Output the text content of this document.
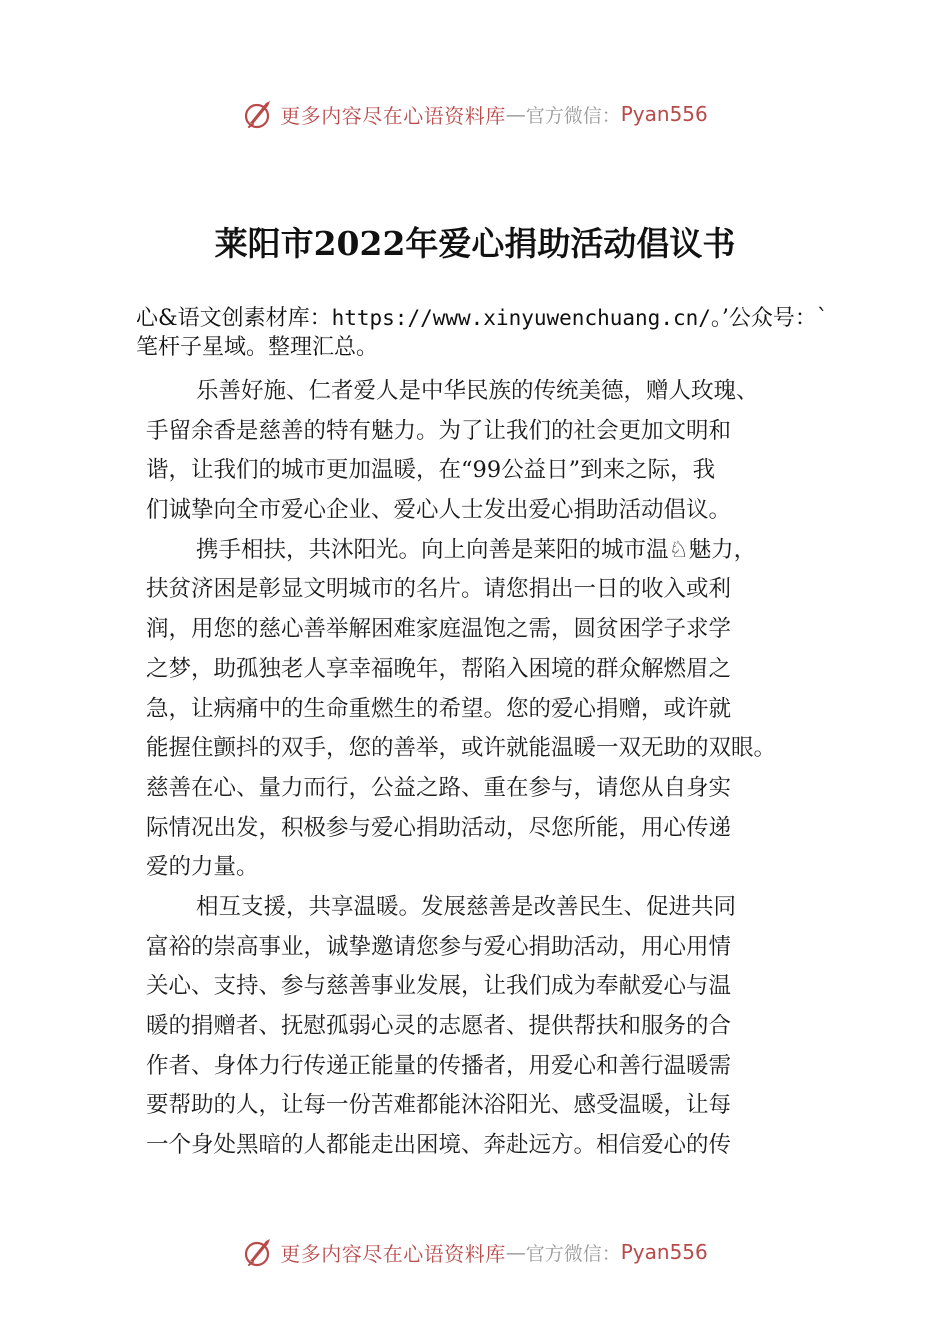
更多内容尽在心语资料库 — 官方微信： Pyan556
莱阳市2022年爱心捐助活动倡议书

心&语文创素材库：https://www.xinyuwenchuang.cn/。’公众号：`笔杆子星域。整理汇总。

乐善好施、仁者爱人是中华民族的传统美德，赠人玫瑰、
手留余香是慈善的特有魅力。为了让我们的社会更加文明和
谐，让我们的城市更加温暖，在“99公益日”到来之际，我
们诚挚向全市爱心企业、爱心人士发出爱心捐助活动倡议。
携手相扶，共沐阳光。向上向善是莱阳的城市温♘魅力，
扶贫济困是彰显文明城市的名片。请您捐出一日的收入或利
润，用您的慈心善举解困难家庭温饱之需，圆贫困学子求学
之梦，助孤独老人享幸福晚年，帮陷入困境的群众解燃眉之
急，让病痛中的生命重燃生的希望。您的爱心捐赠，或许就
能握住颤抖的双手，您的善举，或许就能温暖一双无助的双眼。
慈善在心、量力而行，公益之路、重在参与，请您从自身实
际情况出发，积极参与爱心捐助活动，尽您所能，用心传递
爱的力量。
相互支援，共享温暖。发展慈善是改善民生、促进共同
富裕的崇高事业，诚挚邀请您参与爱心捐助活动，用心用情
关心、支持、参与慈善事业发展，让我们成为奉献爱心与温
暖的捐赠者、抚慰孤弱心灵的志愿者、提供帮扶和服务的合
作者、身体力行传递正能量的传播者，用爱心和善行温暖需
要帮助的人，让每一份苦难都能沐浴阳光、感受温暖，让每
一个身处黑暗的人都能走出困境、奔赴远方。相信爱心的传
更多内容尽在心语资料库 — 官方微信： Pyan556
